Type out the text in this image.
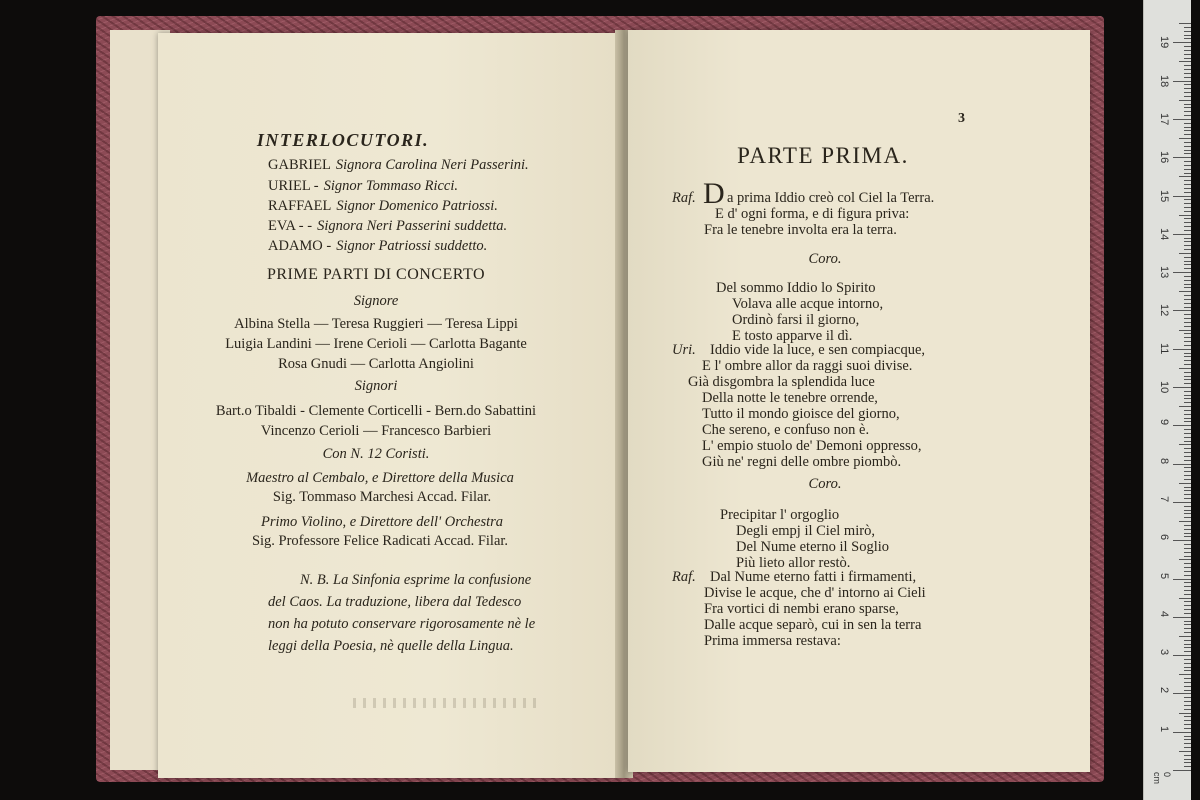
INTERLOCUTORI.
GABRIEL Signora Carolina Neri Passerini.
URIEL - Signor Tommaso Ricci.
RAFFAEL Signor Domenico Patriossi.
EVA - - Signora Neri Passerini suddetta.
ADAMO - Signor Patriossi suddetto.
PRIME PARTI DI CONCERTO
Signore
Albina Stella — Teresa Ruggieri — Teresa Lippi
Luigia Landini — Irene Cerioli — Carlotta Bagante
Rosa Gnudi — Carlotta Angiolini
Signori
Bart.o Tibaldi - Clemente Corticelli - Bern.do Sabattini
Vincenzo Cerioli — Francesco Barbieri
Con N. 12 Coristi.
Maestro al Cembalo, e Direttore della Musica
Sig. Tommaso Marchesi Accad. Filar.
Primo Violino, e Direttore dell' Orchestra
Sig. Professore Felice Radicati Accad. Filar.
N. B. La Sinfonia esprime la confusione
del Caos. La traduzione, libera dal Tedesco
non ha potuto conservare rigorosamente nè le
leggi della Poesia, nè quelle della Lingua.
3
PARTE PRIMA.
Raf. D a prima Iddio creò col Ciel la Terra.
E d' ogni forma, e di figura priva:
Fra le tenebre involta era la terra.
Coro.
Del sommo Iddio lo Spirito
Volava alle acque intorno,
Ordinò farsi il giorno,
E tosto apparve il dì.
Uri. Iddio vide la luce, e sen compiacque,
E l' ombre allor da raggi suoi divise.
Già disgombra la splendida luce
Della notte le tenebre orrende,
Tutto il mondo gioisce del giorno,
Che sereno, e confuso non è.
L' empio stuolo de' Demoni oppresso,
Giù ne' regni delle ombre piombò.
Coro.
Precipitar l' orgoglio
Degli empj il Ciel mirò,
Del Nume eterno il Soglio
Più lieto allor restò.
Raf. Dal Nume eterno fatti i firmamenti,
Divise le acque, che d' intorno ai Cieli
Fra vortici di nembi erano sparse,
Dalle acque separò, cui in sen la terra
Prima immersa restava:
1
2
3
4
5
6
7
8
9
10
11
12
13
14
15
16
17
18
19
0 cm
